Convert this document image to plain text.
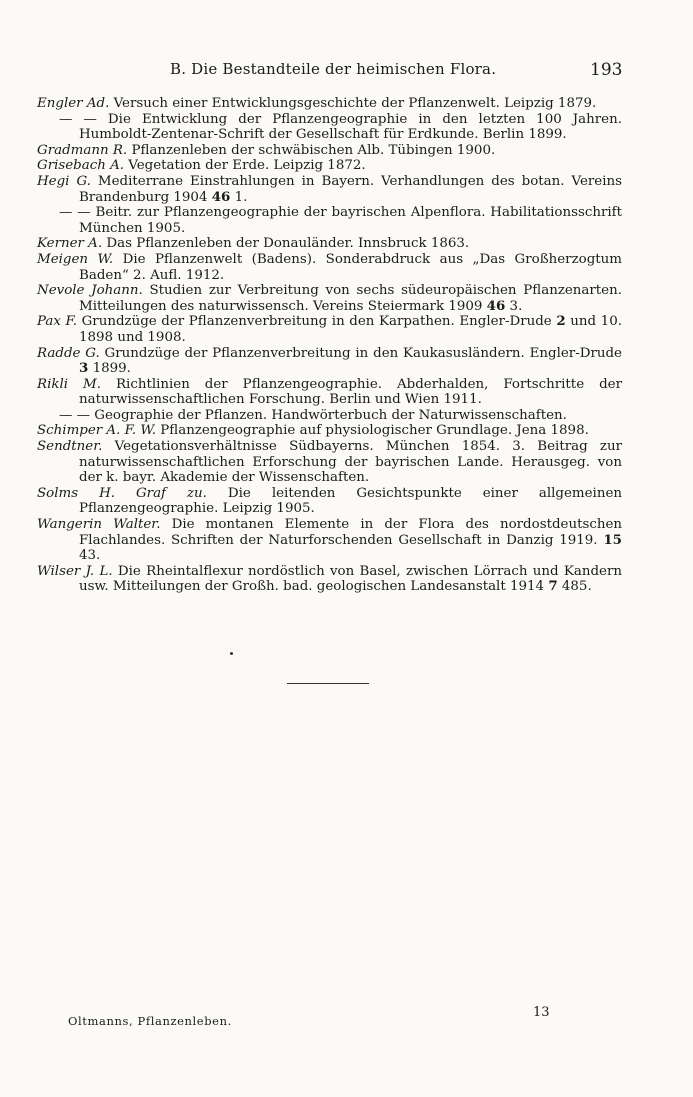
B. Die Bestandteile der heimischen Flora.	193

Engler Ad. Versuch einer Entwicklungsgeschichte der Pflanzenwelt. Leipzig 1879.

— — Die Entwicklung der Pflanzengeographie in den letzten 100 Jahren. Humboldt-Zentenar-Schrift der Gesellschaft für Erdkunde. Berlin 1899.

Gradmann R. Pflanzenleben der schwäbischen Alb. Tübingen 1900.

Grisebach A. Vegetation der Erde. Leipzig 1872.

Hegi G. Mediterrane Einstrahlungen in Bayern. Verhandlungen des botan. Vereins Brandenburg 1904 46 1.

— — Beitr. zur Pflanzengeographie der bayrischen Alpenflora. Habilitationsschrift München 1905.

Kerner A. Das Pflanzenleben der Donauländer. Innsbruck 1863.

Meigen W. Die Pflanzenwelt (Badens). Sonderabdruck aus „Das Großherzogtum Baden“ 2. Aufl. 1912.

Nevole Johann. Studien zur Verbreitung von sechs südeuropäischen Pflanzenarten. Mitteilungen des naturwissensch. Vereins Steiermark 1909 46 3.

Pax F. Grundzüge der Pflanzenverbreitung in den Karpathen. Engler-Drude 2 und 10. 1898 und 1908.

Radde G. Grundzüge der Pflanzenverbreitung in den Kaukasusländern. Engler-Drude 3 1899.

Rikli M. Richtlinien der Pflanzengeographie. Abderhalden, Fortschritte der naturwissenschaftlichen Forschung. Berlin und Wien 1911.

— — Geographie der Pflanzen. Handwörterbuch der Naturwissenschaften.

Schimper A. F. W. Pflanzengeographie auf physiologischer Grundlage. Jena 1898.

Sendtner. Vegetationsverhältnisse Südbayerns. München 1854. 3. Beitrag zur naturwissenschaftlichen Erforschung der bayrischen Lande. Herausgeg. von der k. bayr. Akademie der Wissenschaften.

Solms H. Graf zu. Die leitenden Gesichtspunkte einer allgemeinen Pflanzengeographie. Leipzig 1905.

Wangerin Walter. Die montanen Elemente in der Flora des nordostdeutschen Flachlandes. Schriften der Naturforschenden Gesellschaft in Danzig 1919. 15 43.

Wilser J. L. Die Rheintalflexur nordöstlich von Basel, zwischen Lörrach und Kandern usw. Mitteilungen der Großh. bad. geologischen Landesanstalt 1914 7 485.

Oltmanns, Pflanzenleben.
13
